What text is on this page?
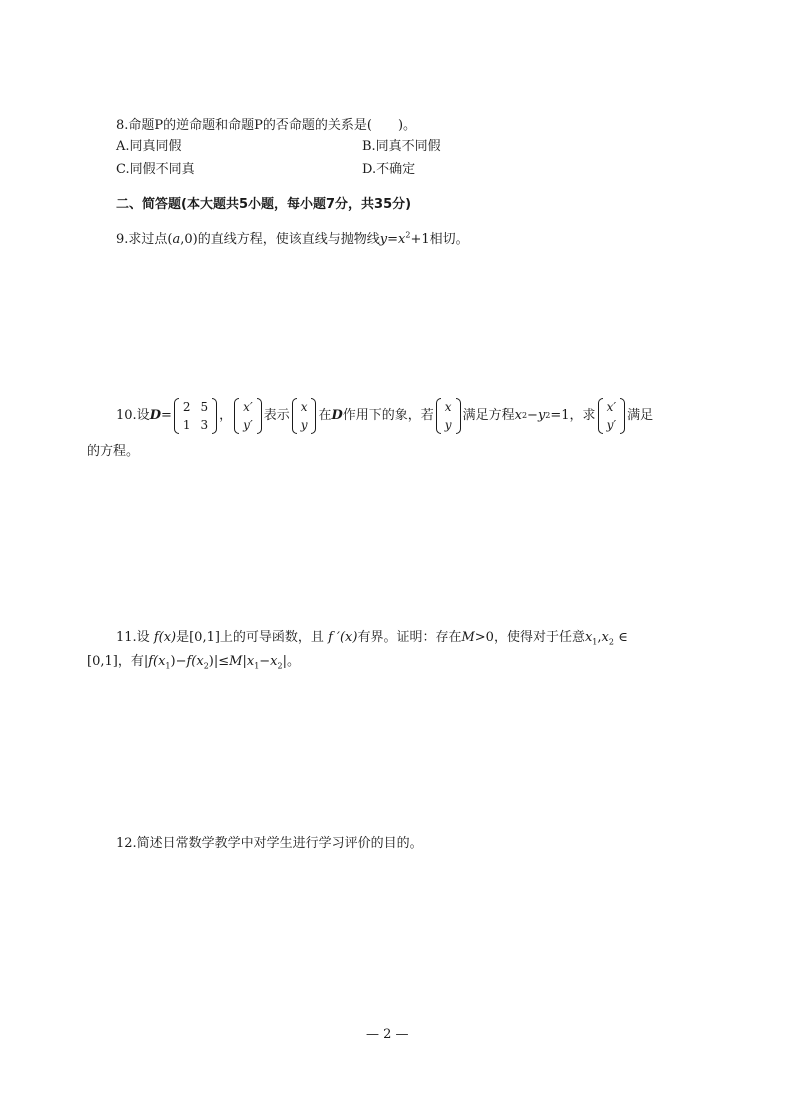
8.命题P的逆命题和命题P的否命题的关系是(　　)。
A.同真同假	B.同真不同假
C.同假不同真	D.不确定
二、简答题(本大题共5小题，每小题7分，共35分)
9.求过点(a,0)的直线方程，使该直线与抛物线$y=x^2+1$相切。
10.设 D =
2 5
1 3
，
x′
y′
表示
x
y
在 D 作用下的象，若
x
y
满足方程 x 2 − y 2 =1，求
x′
y′
满足
的方程。
11.设 f(x)是[0,1]上的可导函数，且 f ′(x)有界。证明：存在M>0，使得对于任意$x_1,x_2$ ∈
[0,1]，有$|f(x_1)-f(x_2)|\le M|x_1-x_2|$。
12.简述日常数学教学中对学生进行学习评价的目的。
— 2 —
